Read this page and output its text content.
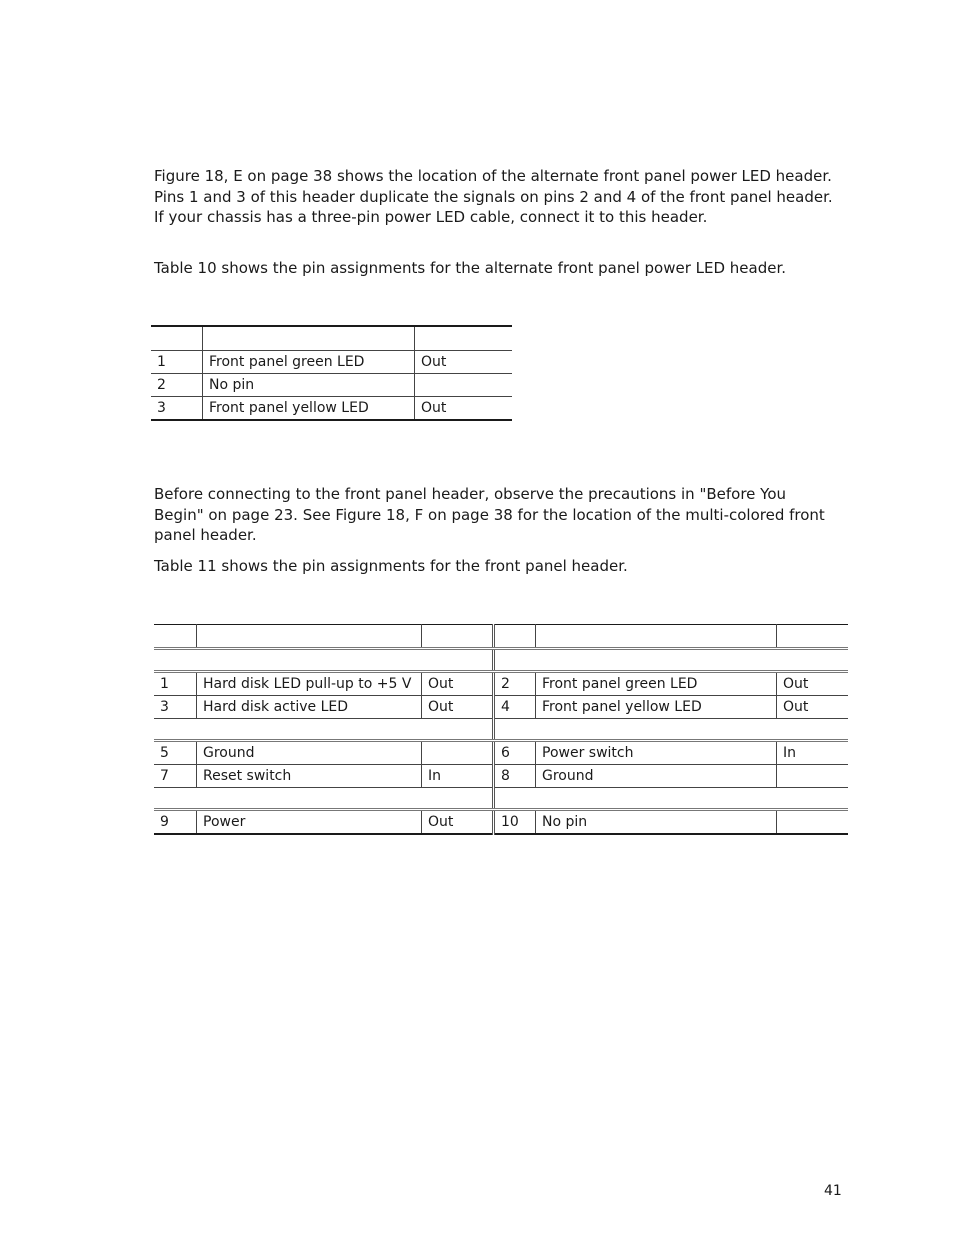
Figure 18, E on page 38 shows the location of the alternate front panel power LED header. Pins 1 and 3 of this header duplicate the signals on pins 2 and 4 of the front panel header. If your chassis has a three-pin power LED cable, connect it to this header.

Table 10 shows the pin assignments for the alternate front panel power LED header.

1	Front panel green LED	Out
2	No pin	
3	Front panel yellow LED	Out

Before connecting to the front panel header, observe the precautions in "Before You Begin" on page 23. See Figure 18, F on page 38 for the location of the multi-colored front panel header.

Table 11 shows the pin assignments for the front panel header.

1	Hard disk LED pull-up to +5 V	Out	2	Front panel green LED	Out
3	Hard disk active LED	Out	4	Front panel yellow LED	Out

5	Ground		6	Power switch	In
7	Reset switch	In	8	Ground	

9	Power	Out	10	No pin	
41
